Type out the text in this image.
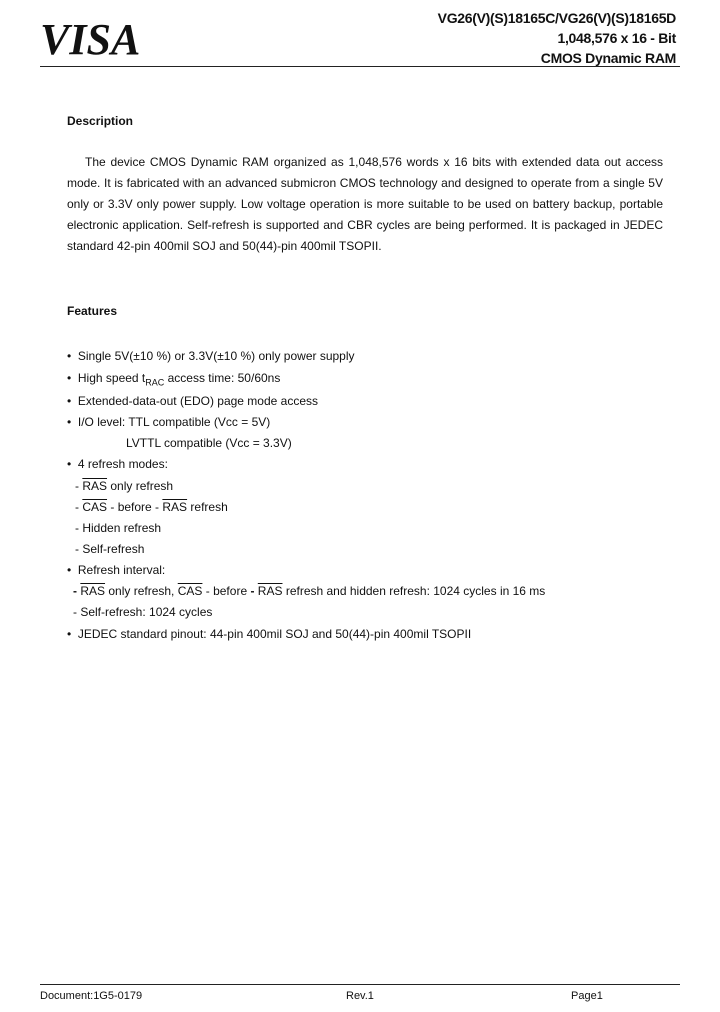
VISA	VG26(V)(S)18165C/VG26(V)(S)18165D
1,048,576 x 16 - Bit
CMOS Dynamic RAM
Description
The device CMOS Dynamic RAM organized as 1,048,576 words x 16 bits with extended data out access mode. It is fabricated with an advanced submicron CMOS technology and designed to operate from a single 5V only or 3.3V only power supply. Low voltage operation is more suitable to be used on battery backup, portable electronic application. Self-refresh is supported and CBR cycles are being performed. It is packaged in JEDEC standard 42-pin 400mil SOJ and 50(44)-pin 400mil TSOPII.
Features
• Single 5V(±10 %) or 3.3V(±10 %) only power supply
• High speed $t_{RAC}$ access time: 50/60ns
• Extended-data-out (EDO) page mode access
• I/O level: TTL compatible (Vcc = 5V)
LVTTL compatible (Vcc = 3.3V)
• 4 refresh modes:
- $\overline{RAS}$ only refresh
- $\overline{CAS}$ - before - $\overline{RAS}$ refresh
- Hidden refresh
- Self-refresh
• Refresh interval:
- $\overline{RAS}$ only refresh, $\overline{CAS}$ - before - $\overline{RAS}$ refresh and hidden refresh: 1024 cycles in 16 ms
- Self-refresh: 1024 cycles
• JEDEC standard pinout: 44-pin 400mil SOJ and 50(44)-pin 400mil TSOPII
Document:1G5-0179	Rev.1	Page1
